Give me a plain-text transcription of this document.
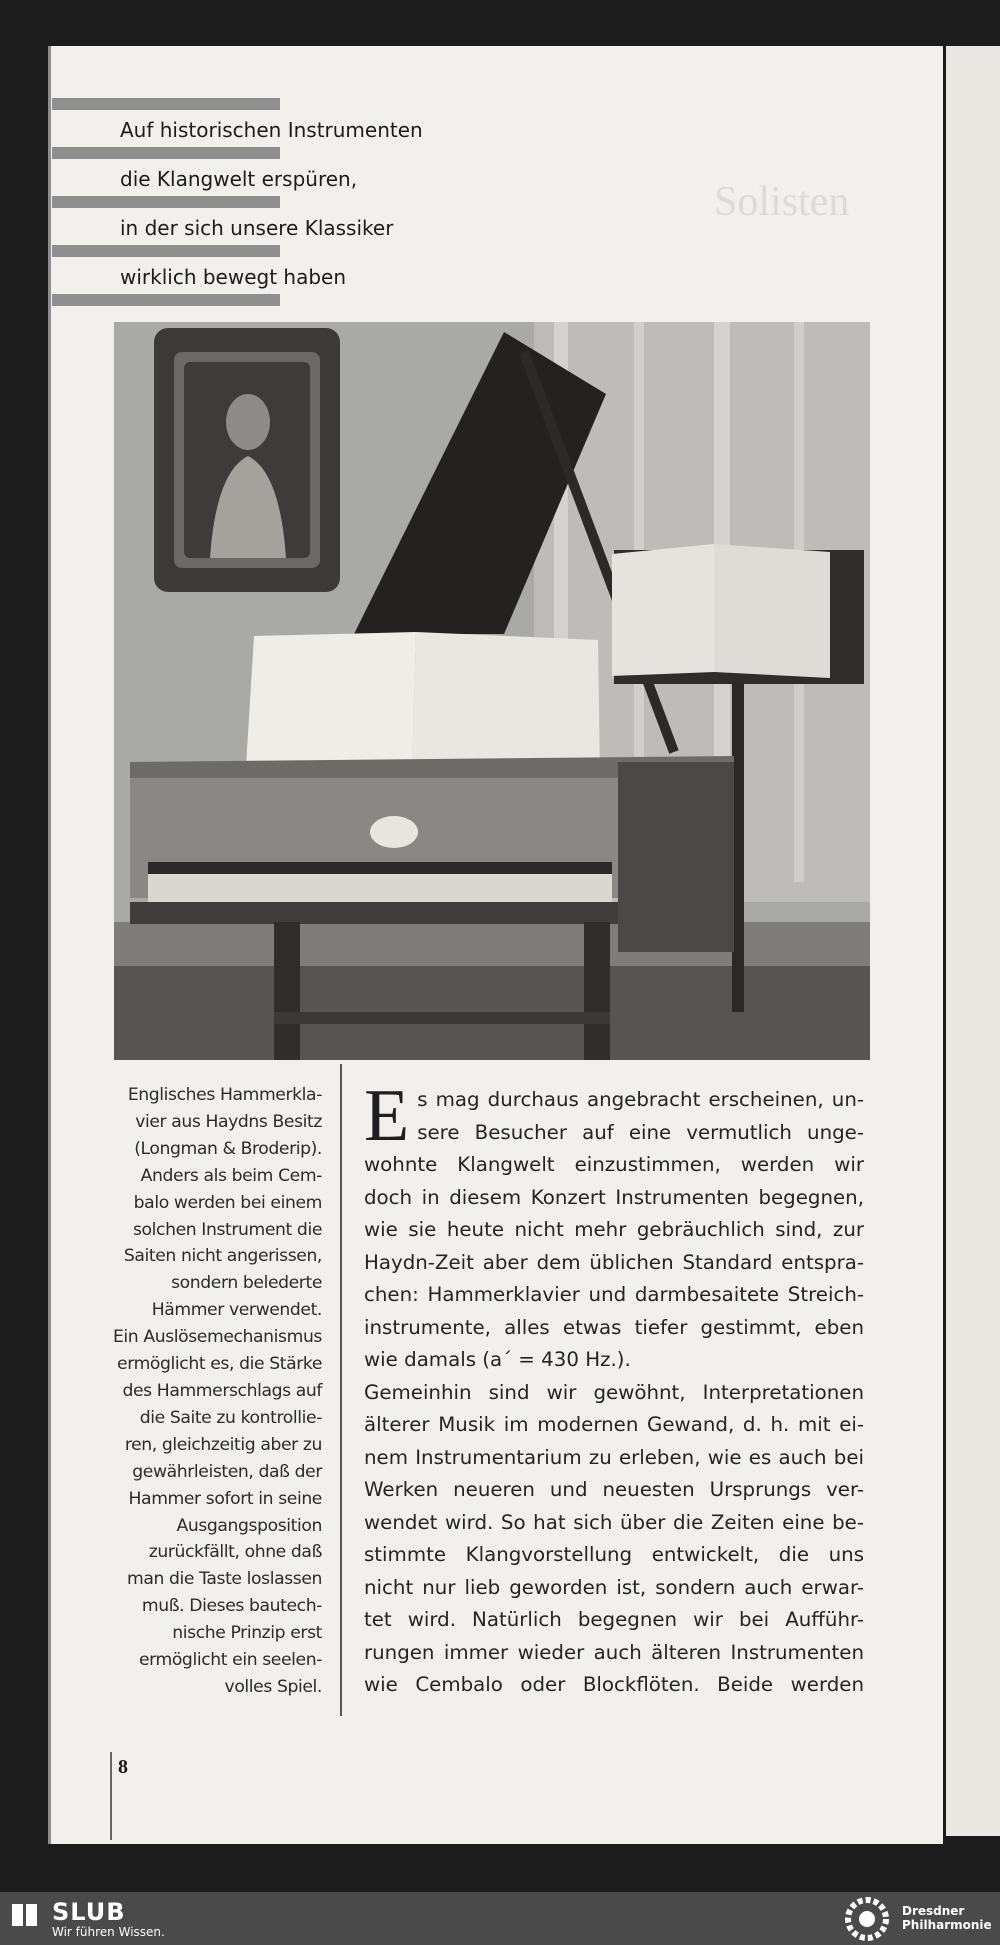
Solisten
Auf historischen Instrumenten
die Klangwelt erspüren,
in der sich unsere Klassiker
wirklich bewegt haben
Englisches Hammerkla-
vier aus Haydns Besitz
(Longman & Broderip).
Anders als beim Cem-
balo werden bei einem
solchen Instrument die
Saiten nicht angerissen,
sondern belederte
Hämmer verwendet.
Ein Auslösemechanismus
ermöglicht es, die Stärke
des Hammerschlags auf
die Saite zu kontrollie-
ren, gleichzeitig aber zu
gewährleisten, daß der
Hammer sofort in seine
Ausgangsposition
zurückfällt, ohne daß
man die Taste loslassen
muß. Dieses bautech-
nische Prinzip erst
ermöglicht ein seelen-
volles Spiel.
E s mag durchaus angebracht erscheinen, un-
sere Besucher auf eine vermutlich unge-
wohnte Klangwelt einzustimmen, werden wir
doch in diesem Konzert Instrumenten begegnen,
wie sie heute nicht mehr gebräuchlich sind, zur
Haydn-Zeit aber dem üblichen Standard entspra-
chen: Hammerklavier und darmbesaitete Streich-
instrumente, alles etwas tiefer gestimmt, eben
wie damals (a´ = 430 Hz.).
Gemeinhin sind wir gewöhnt, Interpretationen
älterer Musik im modernen Gewand, d. h. mit ei-
nem Instrumentarium zu erleben, wie es auch bei
Werken neueren und neuesten Ursprungs ver-
wendet wird. So hat sich über die Zeiten eine be-
stimmte Klangvorstellung entwickelt, die uns
nicht nur lieb geworden ist, sondern auch erwar-
tet wird. Natürlich begegnen wir bei Aufführ-
rungen immer wieder auch älteren Instrumenten
wie Cembalo oder Blockflöten. Beide werden
8
SLUB
Wir führen Wissen.
Dresdner
Philharmonie
